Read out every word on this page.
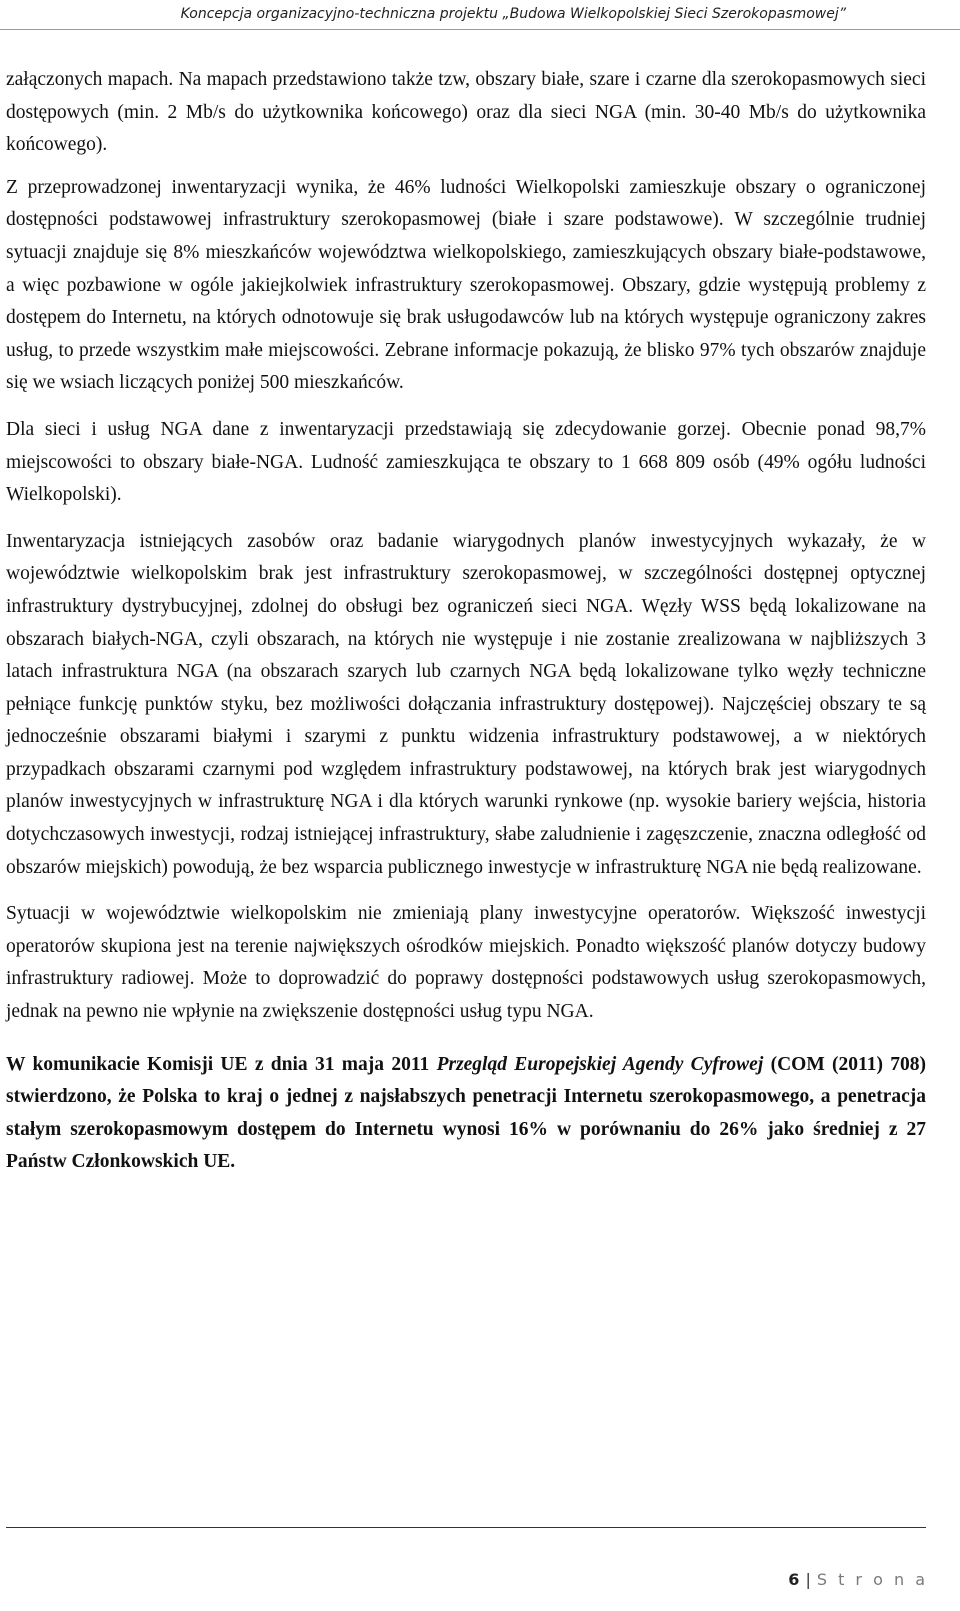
Koncepcja organizacyjno-techniczna projektu „Budowa Wielkopolskiej Sieci Szerokopasmowej”

załączonych mapach. Na mapach przedstawiono także tzw, obszary białe, szare i czarne dla szerokopasmowych sieci dostępowych (min. 2 Mb/s do użytkownika końcowego) oraz dla sieci NGA (min. 30-40 Mb/s do użytkownika końcowego).

Z przeprowadzonej inwentaryzacji wynika, że 46% ludności Wielkopolski zamieszkuje obszary o ograniczonej dostępności podstawowej infrastruktury szerokopasmowej (białe i szare podstawowe). W szczególnie trudniej sytuacji znajduje się 8% mieszkańców województwa wielkopolskiego, zamieszkujących obszary białe-podstawowe, a więc pozbawione w ogóle jakiejkolwiek infrastruktury szerokopasmowej. Obszary, gdzie występują problemy z dostępem do Internetu, na których odnotowuje się brak usługodawców lub na których występuje ograniczony zakres usług, to przede wszystkim małe miejscowości. Zebrane informacje pokazują, że blisko 97% tych obszarów znajduje się we wsiach liczących poniżej 500 mieszkańców.

Dla sieci i usług NGA dane z inwentaryzacji przedstawiają się zdecydowanie gorzej. Obecnie ponad 98,7% miejscowości to obszary białe-NGA. Ludność zamieszkująca te obszary to 1 668 809 osób (49% ogółu ludności Wielkopolski).

Inwentaryzacja istniejących zasobów oraz badanie wiarygodnych planów inwestycyjnych wykazały, że w województwie wielkopolskim brak jest infrastruktury szerokopasmowej, w szczególności dostępnej optycznej infrastruktury dystrybucyjnej, zdolnej do obsługi bez ograniczeń sieci NGA. Węzły WSS będą lokalizowane na obszarach białych-NGA, czyli obszarach, na których nie występuje i nie zostanie zrealizowana w najbliższych 3 latach infrastruktura NGA (na obszarach szarych lub czarnych NGA będą lokalizowane tylko węzły techniczne pełniące funkcję punktów styku, bez możliwości dołączania infrastruktury dostępowej). Najczęściej obszary te są jednocześnie obszarami białymi i szarymi z punktu widzenia infrastruktury podstawowej, a w niektórych przypadkach obszarami czarnymi pod względem infrastruktury podstawowej, na których brak jest wiarygodnych planów inwestycyjnych w infrastrukturę NGA i dla których warunki rynkowe (np. wysokie bariery wejścia, historia dotychczasowych inwestycji, rodzaj istniejącej infrastruktury, słabe zaludnienie i zagęszczenie, znaczna odległość od obszarów miejskich) powodują, że bez wsparcia publicznego inwestycje w infrastrukturę NGA nie będą realizowane.

Sytuacji w województwie wielkopolskim nie zmieniają plany inwestycyjne operatorów. Większość inwestycji operatorów skupiona jest na terenie największych ośrodków miejskich. Ponadto większość planów dotyczy budowy infrastruktury radiowej. Może to doprowadzić do poprawy dostępności podstawowych usług szerokopasmowych, jednak na pewno nie wpłynie na zwiększenie dostępności usług typu NGA.

W komunikacie Komisji UE z dnia 31 maja 2011 Przegląd Europejskiej Agendy Cyfrowej (COM (2011) 708) stwierdzono, że Polska to kraj o jednej z najsłabszych penetracji Internetu szerokopasmowego, a penetracja stałym szerokopasmowym dostępem do Internetu wynosi 16% w porównaniu do 26% jako średniej z 27 Państw Członkowskich UE.

6 | S t r o n a
